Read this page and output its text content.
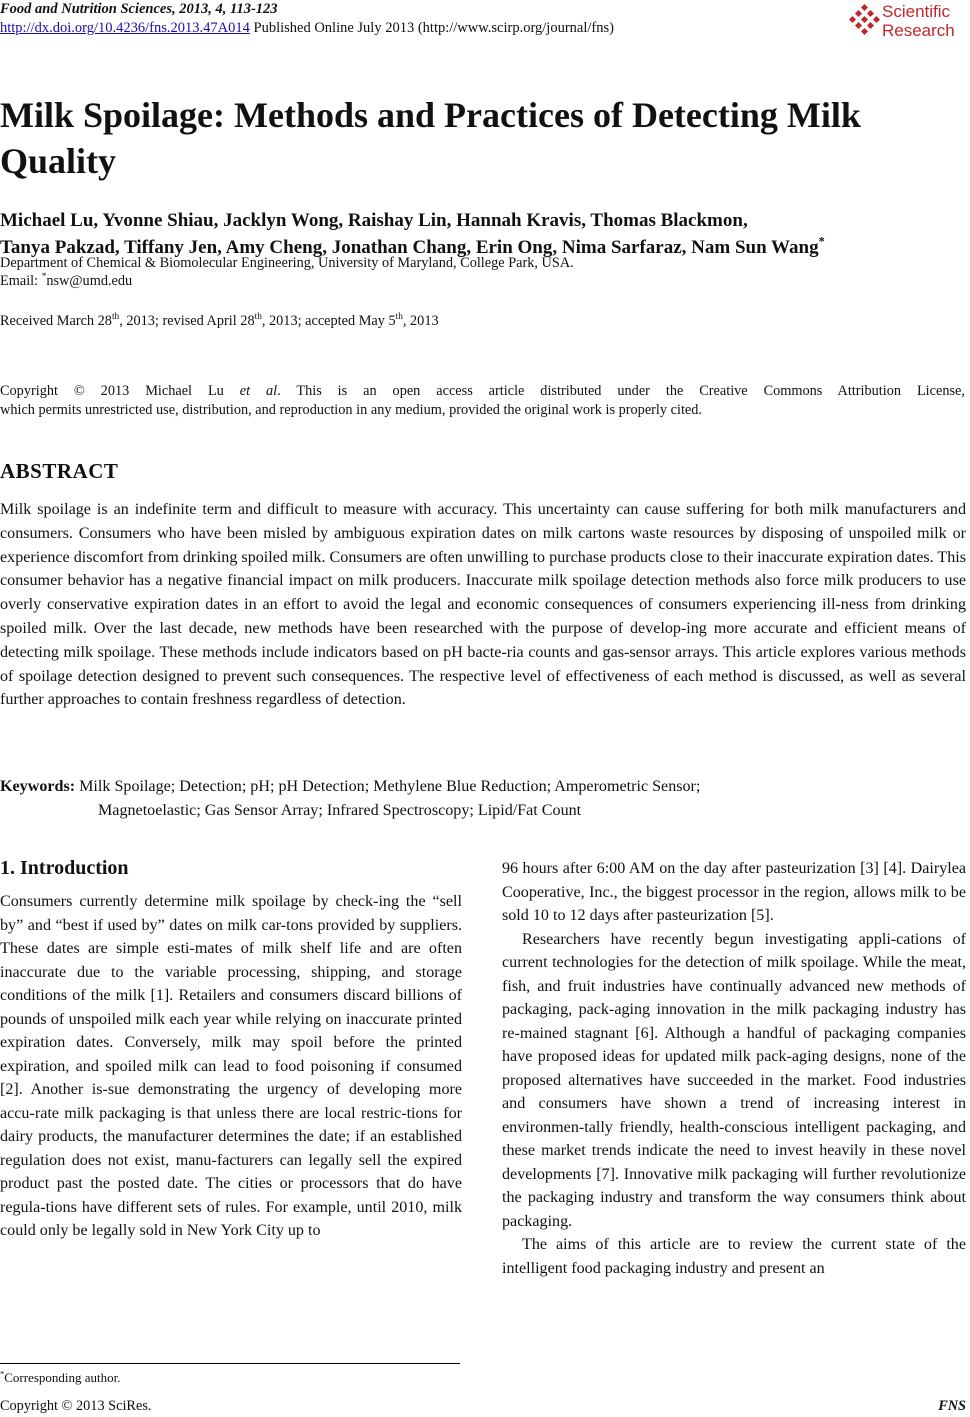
Food and Nutrition Sciences, 2013, 4, 113-123
http://dx.doi.org/10.4236/fns.2013.47A014 Published Online July 2013 (http://www.scirp.org/journal/fns)
Scientific
Research
Milk Spoilage: Methods and Practices of Detecting Milk Quality
Michael Lu, Yvonne Shiau, Jacklyn Wong, Raishay Lin, Hannah Kravis, Thomas Blackmon,
Tanya Pakzad, Tiffany Jen, Amy Cheng, Jonathan Chang, Erin Ong, Nima Sarfaraz, Nam Sun Wang*
Department of Chemical & Biomolecular Engineering, University of Maryland, College Park, USA.
Email: *nsw@umd.edu
Received March 28th, 2013; revised April 28th, 2013; accepted May 5th, 2013
Copyright © 2013 Michael Lu et al. This is an open access article distributed under the Creative Commons Attribution License,
which permits unrestricted use, distribution, and reproduction in any medium, provided the original work is properly cited.
ABSTRACT
Milk spoilage is an indefinite term and difficult to measure with accuracy. This uncertainty can cause suffering for both milk manufacturers and consumers. Consumers who have been misled by ambiguous expiration dates on milk cartons waste resources by disposing of unspoiled milk or experience discomfort from drinking spoiled milk. Consumers are often unwilling to purchase products close to their inaccurate expiration dates. This consumer behavior has a negative financial impact on milk producers. Inaccurate milk spoilage detection methods also force milk producers to use overly conservative expiration dates in an effort to avoid the legal and economic consequences of consumers experiencing ill-ness from drinking spoiled milk. Over the last decade, new methods have been researched with the purpose of develop-ing more accurate and efficient means of detecting milk spoilage. These methods include indicators based on pH bacte-ria counts and gas-sensor arrays. This article explores various methods of spoilage detection designed to prevent such consequences. The respective level of effectiveness of each method is discussed, as well as several further approaches to contain freshness regardless of detection.
Keywords: Milk Spoilage; Detection; pH; pH Detection; Methylene Blue Reduction; Amperometric Sensor;
Magnetoelastic; Gas Sensor Array; Infrared Spectroscopy; Lipid/Fat Count
1. Introduction

Consumers currently determine milk spoilage by check-ing the “sell by” and “best if used by” dates on milk car-tons provided by suppliers. These dates are simple esti-mates of milk shelf life and are often inaccurate due to the variable processing, shipping, and storage conditions of the milk [1]. Retailers and consumers discard billions of pounds of unspoiled milk each year while relying on inaccurate printed expiration dates. Conversely, milk may spoil before the printed expiration, and spoiled milk can lead to food poisoning if consumed [2]. Another is-sue demonstrating the urgency of developing more accu-rate milk packaging is that unless there are local restric-tions for dairy products, the manufacturer determines the date; if an established regulation does not exist, manu-facturers can legally sell the expired product past the posted date. The cities or processors that do have regula-tions have different sets of rules. For example, until 2010, milk could only be legally sold in New York City up to

96 hours after 6:00 AM on the day after pasteurization [3] [4]. Dairylea Cooperative, Inc., the biggest processor in the region, allows milk to be sold 10 to 12 days after pasteurization [5].

Researchers have recently begun investigating appli-cations of current technologies for the detection of milk spoilage. While the meat, fish, and fruit industries have continually advanced new methods of packaging, pack-aging innovation in the milk packaging industry has re-mained stagnant [6]. Although a handful of packaging companies have proposed ideas for updated milk pack-aging designs, none of the proposed alternatives have succeeded in the market. Food industries and consumers have shown a trend of increasing interest in environmen-tally friendly, health-conscious intelligent packaging, and these market trends indicate the need to invest heavily in these novel developments [7]. Innovative milk packaging will further revolutionize the packaging industry and transform the way consumers think about packaging.

The aims of this article are to review the current state of the intelligent food packaging industry and present an

*Corresponding author.
Copyright © 2013 SciRes.	FNS
